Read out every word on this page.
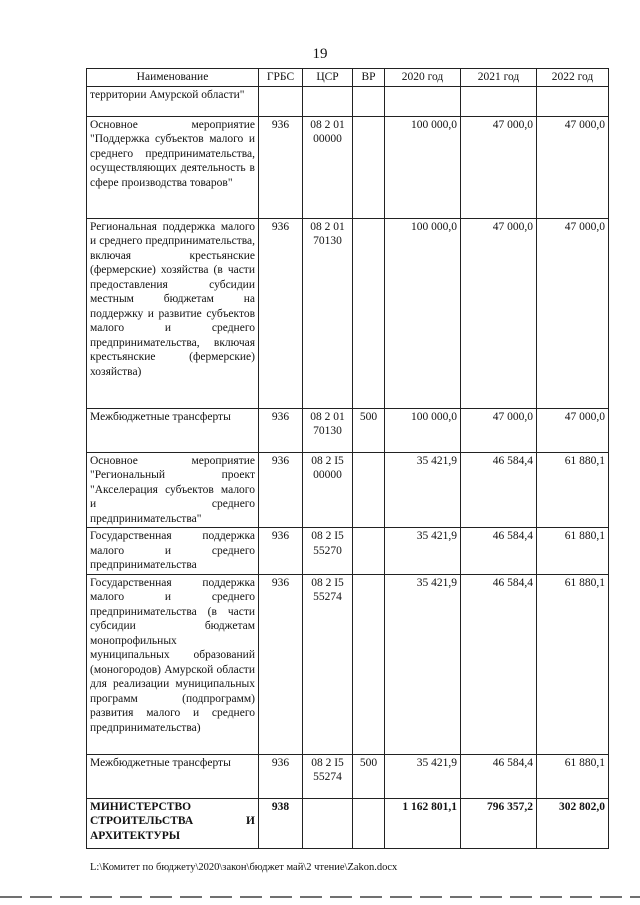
19
Наименование	ГРБС	ЦСР	ВР	2020 год	2021 год	2022 год
территории Амурской области"						
Основное мероприятие "Поддержка субъектов малого и среднего предпринимательства, осуществляющих деятельность в сфере производства товаров"	936	08 2 01 00000		100 000,0	47 000,0	47 000,0
Региональная поддержка малого и среднего предпринимательства, включая крестьянские (фермерские) хозяйства (в части предоставления субсидии местным бюджетам на поддержку и развитие субъектов малого и среднего предпринимательства, включая крестьянские (фермерские) хозяйства)	936	08 2 01 70130		100 000,0	47 000,0	47 000,0
Межбюджетные трансферты	936	08 2 01 70130	500	100 000,0	47 000,0	47 000,0
Основное мероприятие "Региональный проект "Акселерация субъектов малого и среднего предпринимательства"	936	08 2 I5 00000		35 421,9	46 584,4	61 880,1
Государственная поддержка малого и среднего предпринимательства	936	08 2 I5 55270		35 421,9	46 584,4	61 880,1
Государственная поддержка малого и среднего предпринимательства (в части субсидии бюджетам монопрофильных муниципальных образований (моногородов) Амурской области для реализации муниципальных программ (подпрограмм) развития малого и среднего предпринимательства)	936	08 2 I5 55274		35 421,9	46 584,4	61 880,1
Межбюджетные трансферты	936	08 2 I5 55274	500	35 421,9	46 584,4	61 880,1
МИНИСТЕРСТВО СТРОИТЕЛЬСТВА И АРХИТЕКТУРЫ	938			1 162 801,1	796 357,2	302 802,0
L:\Комитет по бюджету\2020\закон\бюджет май\2 чтение\Zakon.docx
